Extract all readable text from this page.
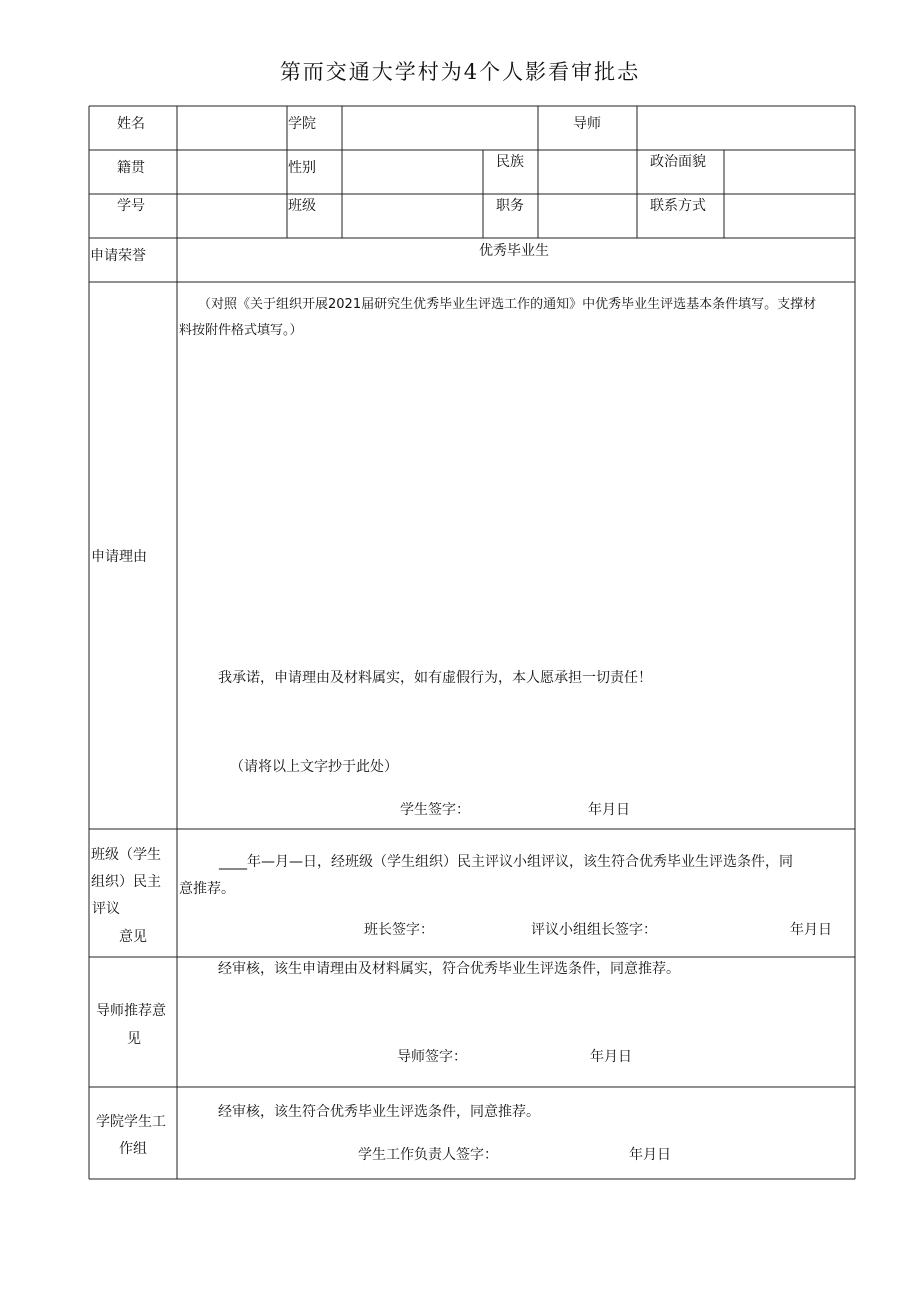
第而交通大学村为4个人影看审批忐
姓名	学院	导师
籍贯	性别	民族	政治面貌
学号	班级	职务	联系方式
申请荣誉	优秀毕业生
申请理由
（对照《关于组织开展2021届研究生优秀毕业生评选工作的通知》中优秀毕业生评选基本条件填写。支撑材
料按附件格式填写。）
我承诺，申请理由及材料属实，如有虚假行为，本人愿承担一切责任！
（请将以上文字抄于此处）
学生签字：	年月日
班级（学生
组织）民主
评议
意见
____年—月—日，经班级（学生组织）民主评议小组评议，该生符合优秀毕业生评选条件，同
意推荐。
班长签字：	评议小组组长签字：	年月日
导师推荐意
见
经审核，该生申请理由及材料属实，符合优秀毕业生评选条件，同意推荐。
导师签字：	年月日
学院学生工
作组
经审核，该生符合优秀毕业生评选条件，同意推荐。
学生工作负责人签字：	年月日
